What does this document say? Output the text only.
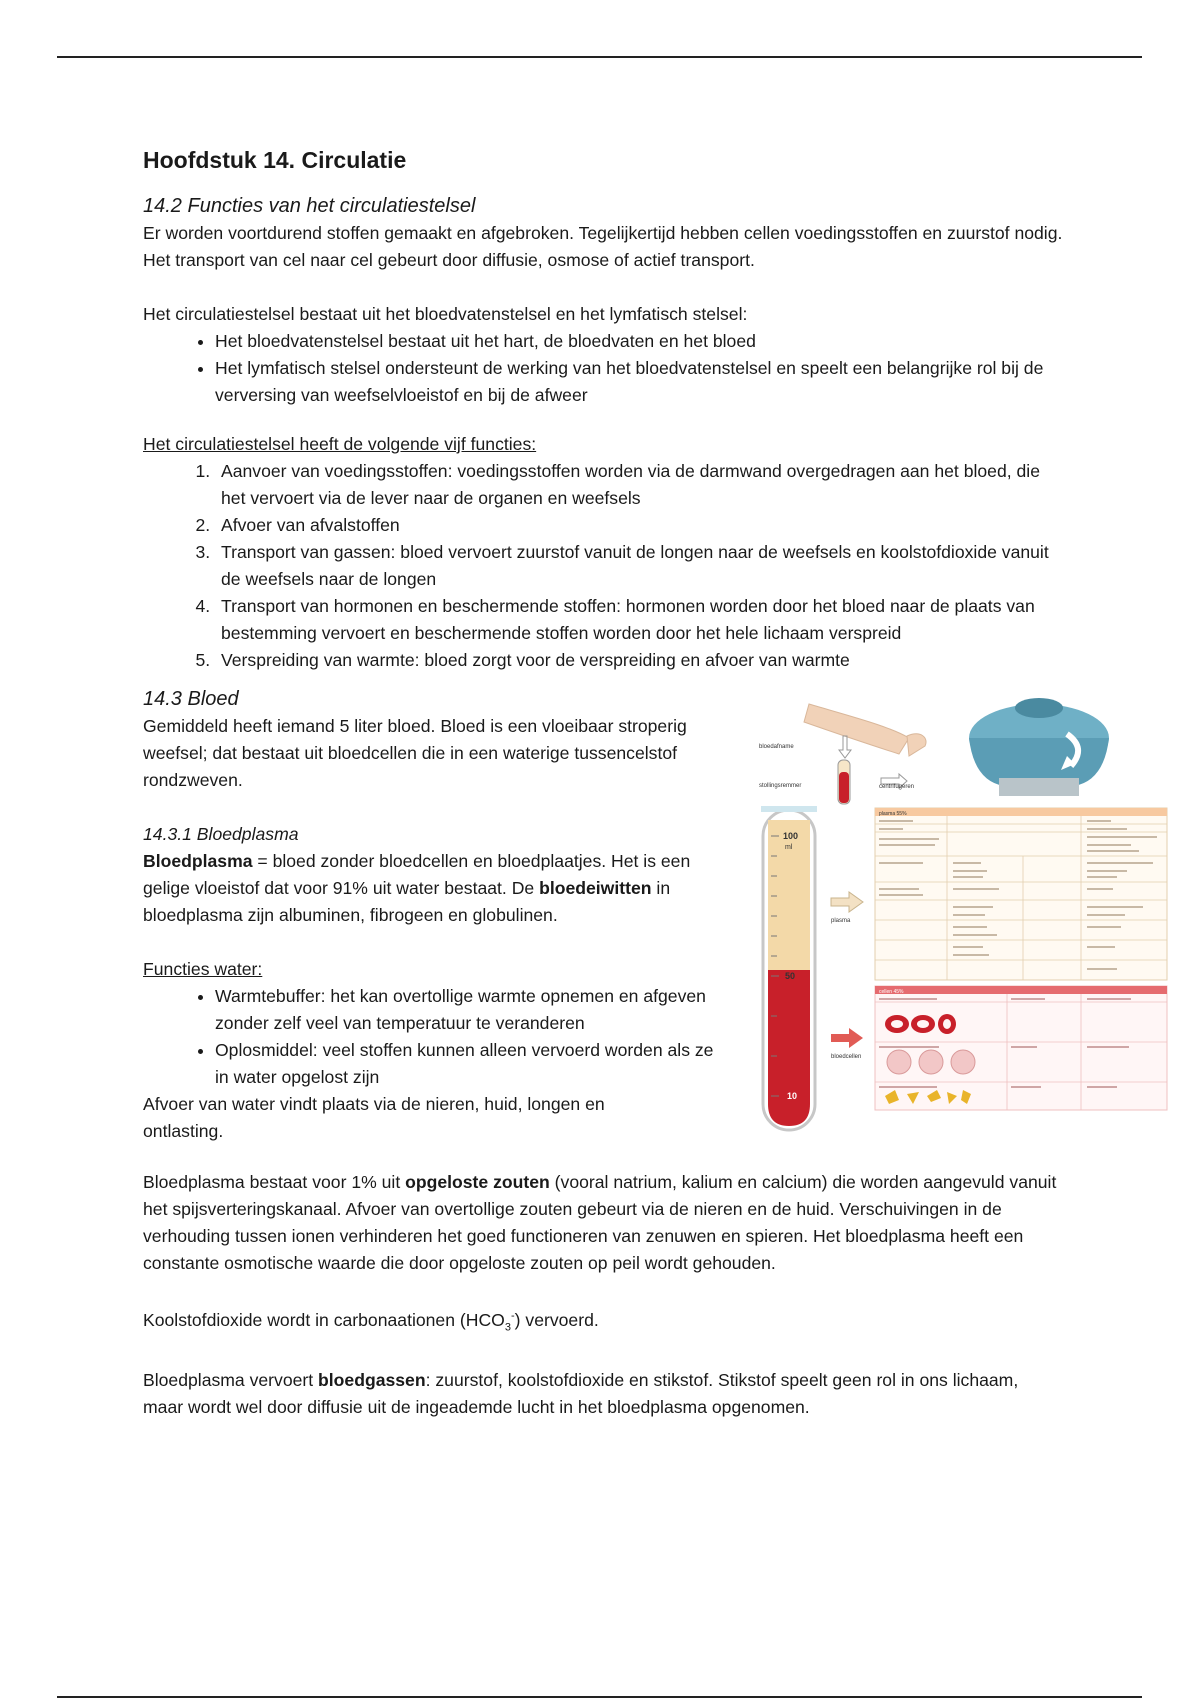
Hoofdstuk 14. Circulatie
14.2 Functies van het circulatiestelsel

Er worden voortdurend stoffen gemaakt en afgebroken. Tegelijkertijd hebben cellen voedingsstoffen en zuurstof nodig. Het transport van cel naar cel gebeurt door diffusie, osmose of actief transport.

Het circulatiestelsel bestaat uit het bloedvatenstelsel en het lymfatisch stelsel:

• Het bloedvatenstelsel bestaat uit het hart, de bloedvaten en het bloed
• Het lymfatisch stelsel ondersteunt de werking van het bloedvatenstelsel en speelt een belangrijke rol bij de verversing van weefselvloeistof en bij de afweer

Het circulatiestelsel heeft de volgende vijf functies:

1. Aanvoer van voedingsstoffen: voedingsstoffen worden via de darmwand overgedragen aan het bloed, die het vervoert via de lever naar de organen en weefsels
2. Afvoer van afvalstoffen
3. Transport van gassen: bloed vervoert zuurstof vanuit de longen naar de weefsels en koolstofdioxide vanuit de weefsels naar de longen
4. Transport van hormonen en beschermende stoffen: hormonen worden door het bloed naar de plaats van bestemming vervoert en beschermende stoffen worden door het hele lichaam verspreid
5. Verspreiding van warmte: bloed zorgt voor de verspreiding en afvoer van warmte
14.3 Bloed

Gemiddeld heeft iemand 5 liter bloed. Bloed is een vloeibaar stroperig weefsel; dat bestaat uit bloedcellen die in een waterige tussencelstof rondzweven.

14.3.1 Bloedplasma

Bloedplasma = bloed zonder bloedcellen en bloedplaatjes. Het is een gelige vloeistof dat voor 91% uit water bestaat. De bloedeiwitten in bloedplasma zijn albuminen, fibrogeen en globulinen.

Functies water:

• Warmtebuffer: het kan overtollige warmte opnemen en afgeven zonder zelf veel van temperatuur te veranderen
• Oplosmiddel: veel stoffen kunnen alleen vervoerd worden als ze in water opgelost zijn

Afvoer van water vindt plaats via de nieren, huid, longen en ontlasting.

bloedafname
stollingsremmer	centrifugeren
100
ml
50
10
plasma
bloedcellen
plasma 55%
cellen 45%

Bloedplasma bestaat voor 1% uit opgeloste zouten (vooral natrium, kalium en calcium) die worden aangevuld vanuit het spijsverteringskanaal. Afvoer van overtollige zouten gebeurt via de nieren en de huid. Verschuivingen in de verhouding tussen ionen verhinderen het goed functioneren van zenuwen en spieren. Het bloedplasma heeft een constante osmotische waarde die door opgeloste zouten op peil wordt gehouden.

Koolstofdioxide wordt in carbonaationen $(HCO_3^-)$ vervoerd.

Bloedplasma vervoert bloedgassen: zuurstof, koolstofdioxide en stikstof. Stikstof speelt geen rol in ons lichaam, maar wordt wel door diffusie uit de ingeademde lucht in het bloedplasma opgenomen.
